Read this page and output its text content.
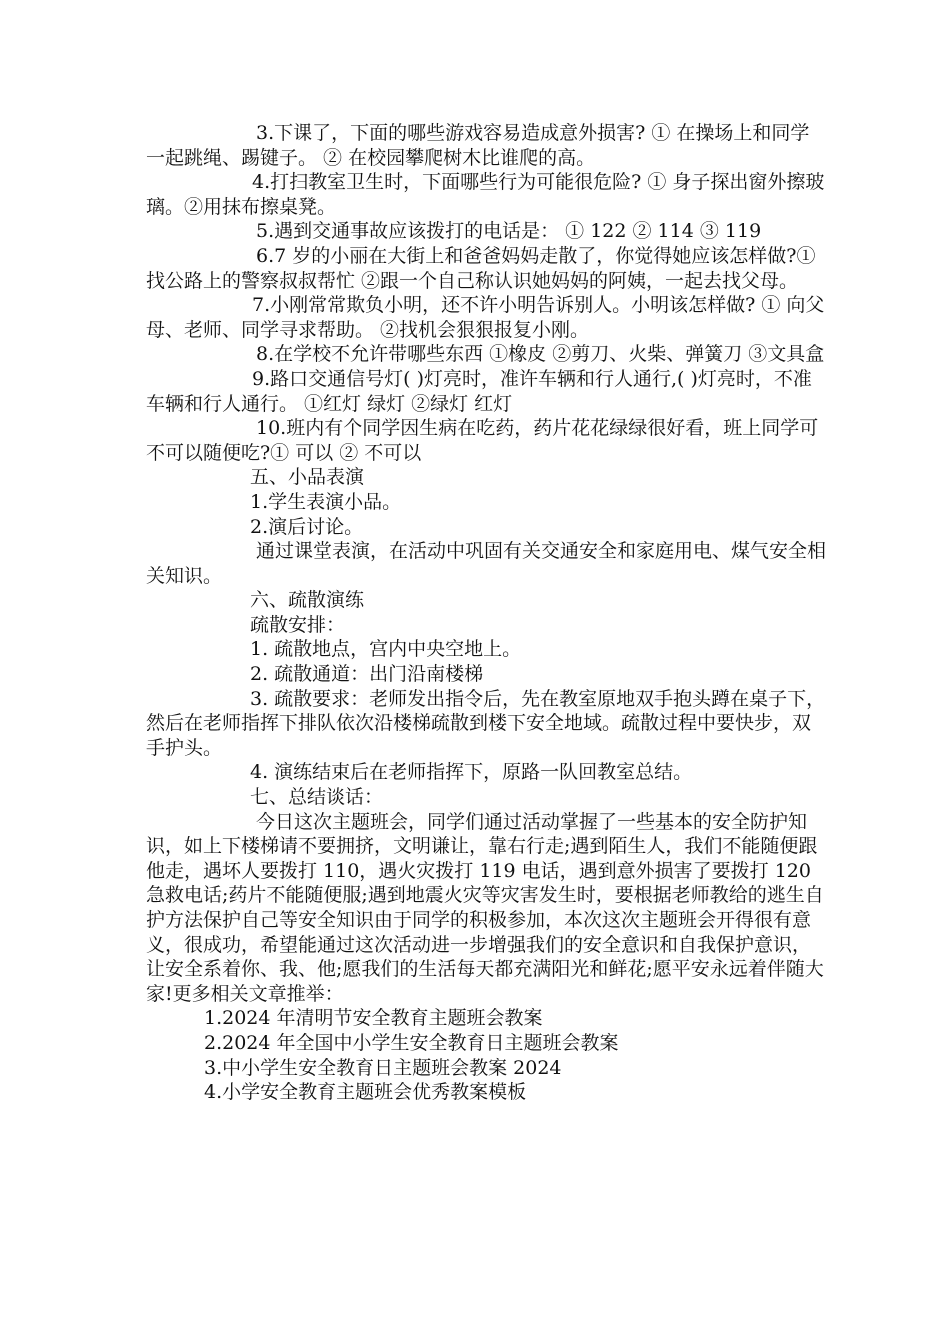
3.下课了，下面的哪些游戏容易造成意外损害? ① 在操场上和同学一起跳绳、踢键子。 ② 在校园攀爬树木比谁爬的高。

4.打扫教室卫生时，下面哪些行为可能很危险? ① 身子探出窗外擦玻璃。②用抹布擦桌凳。

5.遇到交通事故应该拨打的电话是： ① 122 ② 114 ③ 119

6.7 岁的小丽在大街上和爸爸妈妈走散了，你觉得她应该怎样做?① 找公路上的警察叔叔帮忙 ②跟一个自己称认识她妈妈的阿姨，一起去找父母。

7.小刚常常欺负小明，还不许小明告诉别人。小明该怎样做? ① 向父母、老师、同学寻求帮助。 ②找机会狠狠报复小刚。

8.在学校不允许带哪些东西 ①橡皮 ②剪刀、火柴、弹簧刀 ③文具盒

9.路口交通信号灯( )灯亮时，准许车辆和行人通行,( )灯亮时，不准车辆和行人通行。 ①红灯 绿灯 ②绿灯 红灯

10.班内有个同学因生病在吃药，药片花花绿绿很好看，班上同学可不可以随便吃?① 可以 ② 不可以

五、小品表演

1.学生表演小品。

2.演后讨论。

通过课堂表演，在活动中巩固有关交通安全和家庭用电、煤气安全相关知识。

六、疏散演练

疏散安排：

1. 疏散地点，宫内中央空地上。

2. 疏散通道：出门沿南楼梯

3. 疏散要求：老师发出指令后，先在教室原地双手抱头蹲在桌子下，然后在老师指挥下排队依次沿楼梯疏散到楼下安全地域。疏散过程中要快步，双手护头。

4. 演练结束后在老师指挥下，原路一队回教室总结。

七、总结谈话：

今日这次主题班会，同学们通过活动掌握了一些基本的安全防护知识，如上下楼梯请不要拥挤，文明谦让，靠右行走;遇到陌生人，我们不能随便跟他走，遇坏人要拨打 110，遇火灾拨打 119 电话，遇到意外损害了要拨打 120 急救电话;药片不能随便服;遇到地震火灾等灾害发生时，要根据老师教给的逃生自护方法保护自己等安全知识由于同学的积极参加，本次这次主题班会开得很有意义，很成功，希望能通过这次活动进一步增强我们的安全意识和自我保护意识，让安全系着你、我、他;愿我们的生活每天都充满阳光和鲜花;愿平安永远着伴随大家!更多相关文章推举：

1.2024 年清明节安全教育主题班会教案

2.2024 年全国中小学生安全教育日主题班会教案

3.中小学生安全教育日主题班会教案 2024

4.小学安全教育主题班会优秀教案模板
